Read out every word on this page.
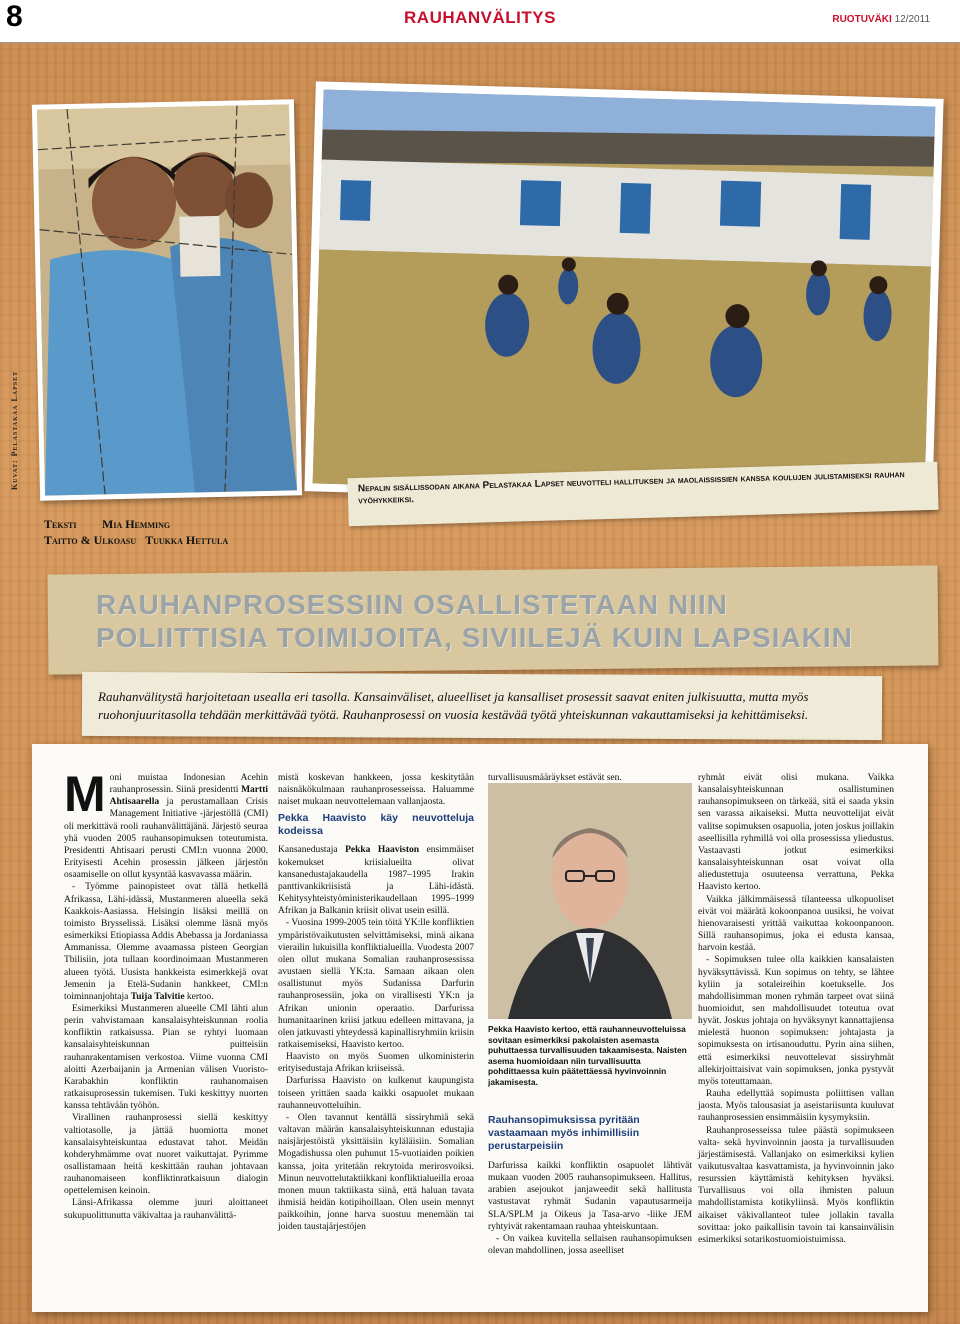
8	RAUHANVÄLITYS	RUOTUVÄKI 12/2011
Kuvat: Pelastakaa Lapset	Nepalin sisällissodan aikana Pelastakaa Lapset neuvotteli hallituksen ja maolaississien kanssa koulujen julistamiseksi rauhan vyöhykkeiksi.
Teksti Mia Hemming
Taitto & Ulkoasu Tuukka Hettula
RAUHANPROSESSIIN OSALLISTETAAN NIIN
POLIITTISIA TOIMIJOITA, SIVIILEJÄ KUIN LAPSIAKIN
Rauhanvälitystä harjoitetaan usealla eri tasolla. Kansainväliset, alueelliset ja kansalliset prosessit saavat eniten julkisuutta, mutta myös ruohonjuuritasolla tehdään merkittävää työtä. Rauhanprosessi on vuosia kestävää työtä yhteiskunnan vakauttamiseksi ja kehittämiseksi.

Moni muistaa Indonesian Acehin rauhanprosessin. Siinä presidentti Martti Ahtisaarella ja perustamallaan Crisis Management Initiative -järjestöllä (CMI) oli merkittävä rooli rauhanvälittäjänä. Järjestö seuraa yhä vuoden 2005 rauhansopimuksen toteutumista. Presidentti Ahtisaari perusti CMI:n vuonna 2000. Erityisesti Acehin prosessin jälkeen järjestön osaamiselle on ollut kysyntää kasvavassa määrin.

- Työmme painopisteet ovat tällä hetkellä Afrikassa, Lähi-idässä, Mustanmeren alueella sekä Kaakkois-Aasiassa. Helsingin lisäksi meillä on toimisto Brysselissä. Lisäksi olemme läsnä myös esimerkiksi Etiopiassa Addis Abebassa ja Jordaniassa Ammanissa. Olemme avaamassa pisteen Georgian Tbilisiin, jota tullaan koordinoimaan Mustanmeren alueen työtä. Uusista hankkeista esimerkkejä ovat Jemenin ja Etelä-Sudanin hankkeet, CMI:n toiminnanjohtaja Tuija Talvitie kertoo.

Esimerkiksi Mustanmeren alueelle CMI lähti alun perin vahvistamaan kansalaisyhteiskunnan roolia konfliktin ratkaisussa. Pian se ryhtyi luomaan kansalaisyhteiskunnan puitteisiin rauhanrakentamisen verkostoa. Viime vuonna CMI aloitti Azerbaijanin ja Armenian välisen Vuoristo-Karabakhin konfliktin rauhanomaisen ratkaisuprosessin tukemisen. Tuki keskittyy nuorten kanssa tehtävään työhön.

Virallinen rauhanprosessi siellä keskittyy valtiotasolle, ja jättää huomiotta monet kansalaisyhteiskuntaa edustavat tahot. Meidän kohderyhmämme ovat nuoret vaikuttajat. Pyrimme osallistamaan heitä keskittään rauhan johtavaan rauhanomaiseen konfliktinratkaisuun dialogin opettelemisen keinoin.

Länsi-Afrikassa olemme juuri aloittaneet sukupuolittunutta väkivaltaa ja rauhanvälittä-

mistä koskevan hankkeen, jossa keskitytään naisnäkökulmaan rauhanprosesseissa. Haluamme naiset mukaan neuvottelemaan vallanjaosta.

Pekka Haavisto käy neuvotteluja kodeissa

Kansanedustaja Pekka Haaviston ensimmäiset kokemukset kriisialueilta olivat kansanedustajakaudella 1987–1995 Irakin panttivankikriisistä ja Lähi-idästä. Kehitysyhteistyöministerikaudellaan 1995–1999 Afrikan ja Balkanin kriisit olivat usein esillä.

- Vuosina 1999-2005 tein töitä YK:lle konfliktien ympäristövaikutusten selvittämiseksi, minä aikana vierailin lukuisilla konfliktialueilla. Vuodesta 2007 olen ollut mukana Somalian rauhanprosessissa avustaen siellä YK:ta. Samaan aikaan olen osallistunut myös Sudanissa Darfurin rauhanprosessiin, joka on virallisesti YK:n ja Afrikan unionin operaatio. Darfurissa humanitaarinen kriisi jatkuu edelleen mittavana, ja olen jatkuvasti yhteydessä kapinallisryhmiin kriisin ratkaisemiseksi, Haavisto kertoo.

Haavisto on myös Suomen ulkoministerin erityisedustaja Afrikan kriiseissä.

Darfurissa Haavisto on kulkenut kaupungista toiseen yrittäen saada kaikki osapuolet mukaan rauhanneuvotteluihin.

- Olen tavannut kentällä sissiryhmiä sekä valtavan määrän kansalaisyhteiskunnan edustajia naisjärjestöistä yksittäisiin kyläläisiin. Somalian Mogadishussa olen puhunut 15-vuotiaiden poikien kanssa, joita yritetään rekrytoida merirosvoiksi. Minun neuvottelutaktiikkani konfliktialueilla eroaa monen muun taktiikasta siinä, että haluan tavata ihmisiä heidän kotipihoillaan. Olen usein mennyt paikkoihin, jonne harva suostuu menemään tai joiden taustajärjestöjen

turvallisuusmääräykset estävät sen.

Pekka Haavisto kertoo, että rauhanneuvotteluissa sovitaan esimerkiksi pakolaisten asemasta puhuttaessa turvallisuuden takaamisesta. Naisten asema huomioidaan niin turvallisuutta pohdittaessa kuin päätettäessä hyvinvoinnin jakamisesta.
Rauhansopimuksissa pyritään vastaamaan myös inhimillisiin perustarpeisiin

Darfurissa kaikki konfliktin osapuolet lähtivät mukaan vuoden 2005 rauhansopimukseen. Hallitus, arabien asejoukot janjaweedit sekä hallitusta vastustavat ryhmät Sudanin vapautusarmeija SLA/SPLM ja Oikeus ja Tasa-arvo -liike JEM ryhtyivät rakentamaan rauhaa yhteiskuntaan.

- On vaikea kuvitella sellaisen rauhansopimuksen olevan mahdollinen, jossa aseelliset

ryhmät eivät olisi mukana. Vaikka kansalaisyhteiskunnan osallistuminen rauhansopimukseen on tärkeää, sitä ei saada yksin sen varassa aikaiseksi. Mutta neuvottelijat eivät valitse sopimuksen osapuolia, joten joskus joillakin aseellisilla ryhmillä voi olla prosessissa yliedustus. Vastaavasti jotkut esimerkiksi kansalaisyhteiskunnan osat voivat olla aliedustettuja osuuteensa verrattuna, Pekka Haavisto kertoo.

Vaikka jälkimmäisessä tilanteessa ulkopuoliset eivät voi määrätä kokoonpanoa uusiksi, he voivat hienovaraisesti yrittää vaikuttaa kokoonpanoon. Sillä rauhansopimus, joka ei edusta kansaa, harvoin kestää.

- Sopimuksen tulee olla kaikkien kansalaisten hyväksyttävissä. Kun sopimus on tehty, se lähtee kyliin ja sotaleireihin koetukselle. Jos mahdollisimman monen ryhmän tarpeet ovat siinä huomioidut, sen mahdollisuudet toteutua ovat hyvät. Joskus johtaja on hyväksynyt kannattajiensa mielestä huonon sopimuksen: johtajasta ja sopimuksesta on irtisanouduttu. Pyrin aina siihen, että esimerkiksi neuvottelevat sissiryhmät allekirjoittaisivat vain sopimuksen, jonka pystyvät myös toteuttamaan.

Rauha edellyttää sopimusta poliittisen vallan jaosta. Myös talousasiat ja aseistariisunta kuuluvat rauhanprosessien ensimmäisiin kysymyksiin.

Rauhanprosesseissa tulee päästä sopimukseen valta- sekä hyvinvoinnin jaosta ja turvallisuuden järjestämisestä. Vallanjako on esimerkiksi kylien vaikutusvaltaa kasvattamista, ja hyvinvoinnin jako resurssien käyttämistä kehityksen hyväksi. Turvallisuus voi olla ihmisten paluun mahdollistamista kotikyliinsä. Myös konfliktin aikaiset väkivallanteot tulee jollakin tavalla sovittaa: joko paikallisin tavoin tai kansainvälisin esimerkiksi sotarikostuomioistuimissa.
